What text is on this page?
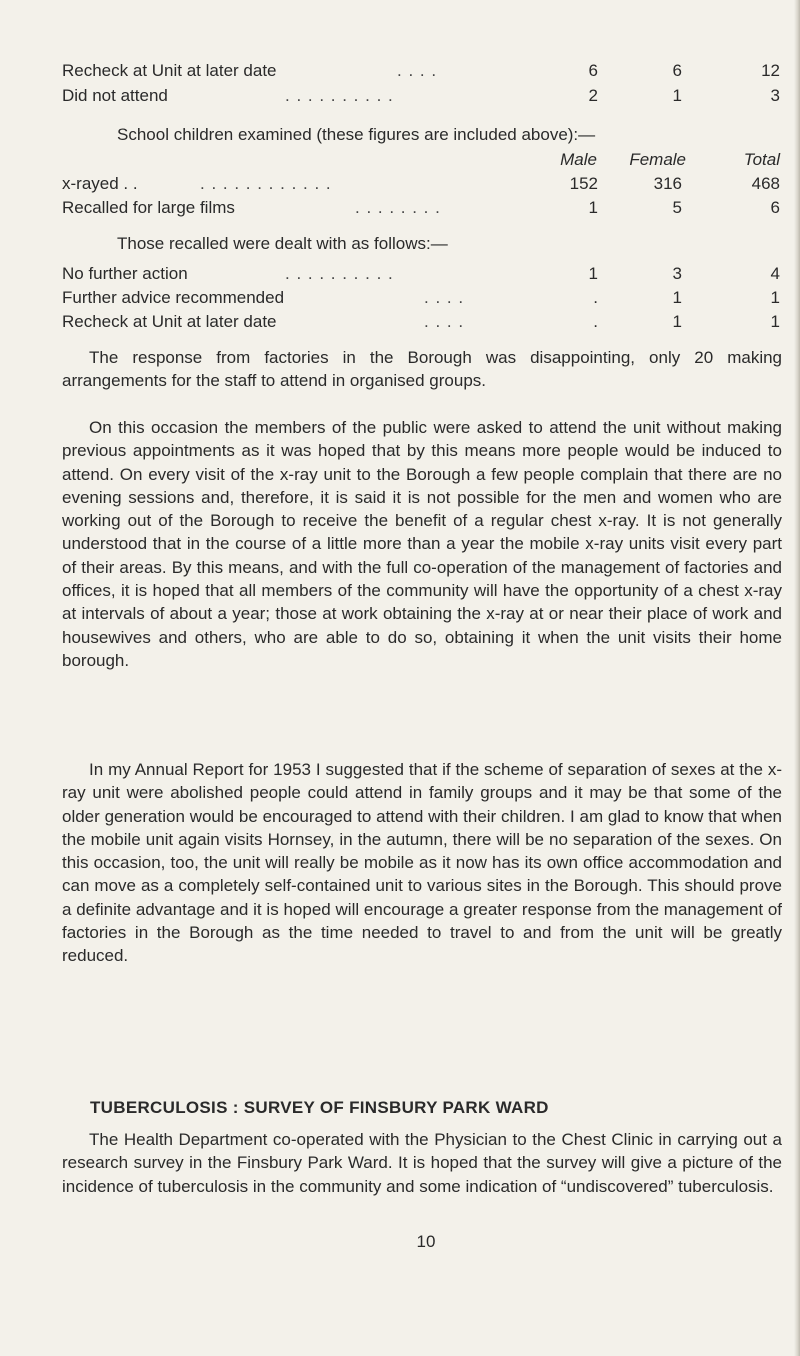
Recheck at Unit at later date	. . . .	6	6	12
Did not attend	. . . . . . . . . .	2	1	3
School children examined (these figures are included above):—
Male	Female	Total
x-rayed . .	. . . . . . . . . . . .	152	316	468
Recalled for large films	. . . . . . . .	1	5	6
Those recalled were dealt with as follows:—
No further action	. . . . . . . . . .	1	3	4
Further advice recommended	. . . .	.	1	1
Recheck at Unit at later date	. . . .	.	1	1

The response from factories in the Borough was disappointing, only 20 making arrangements for the staff to attend in organised groups.

On this occasion the members of the public were asked to attend the unit without making previous appointments as it was hoped that by this means more people would be induced to attend. On every visit of the x-ray unit to the Borough a few people complain that there are no evening sessions and, therefore, it is said it is not possible for the men and women who are working out of the Borough to receive the benefit of a regular chest x-ray. It is not generally understood that in the course of a little more than a year the mobile x-ray units visit every part of their areas. By this means, and with the full co-operation of the management of factories and offices, it is hoped that all members of the community will have the opportunity of a chest x-ray at intervals of about a year; those at work obtaining the x-ray at or near their place of work and housewives and others, who are able to do so, obtaining it when the unit visits their home borough.

In my Annual Report for 1953 I suggested that if the scheme of separation of sexes at the x-ray unit were abolished people could attend in family groups and it may be that some of the older generation would be encouraged to attend with their children. I am glad to know that when the mobile unit again visits Hornsey, in the autumn, there will be no separation of the sexes. On this occasion, too, the unit will really be mobile as it now has its own office accommodation and can move as a completely self-contained unit to various sites in the Borough. This should prove a definite advantage and it is hoped will encourage a greater response from the management of factories in the Borough as the time needed to travel to and from the unit will be greatly reduced.

TUBERCULOSIS : SURVEY OF FINSBURY PARK WARD

The Health Department co-operated with the Physician to the Chest Clinic in carrying out a research survey in the Finsbury Park Ward. It is hoped that the survey will give a picture of the incidence of tuberculosis in the community and some indication of “undiscovered” tuberculosis.

10
